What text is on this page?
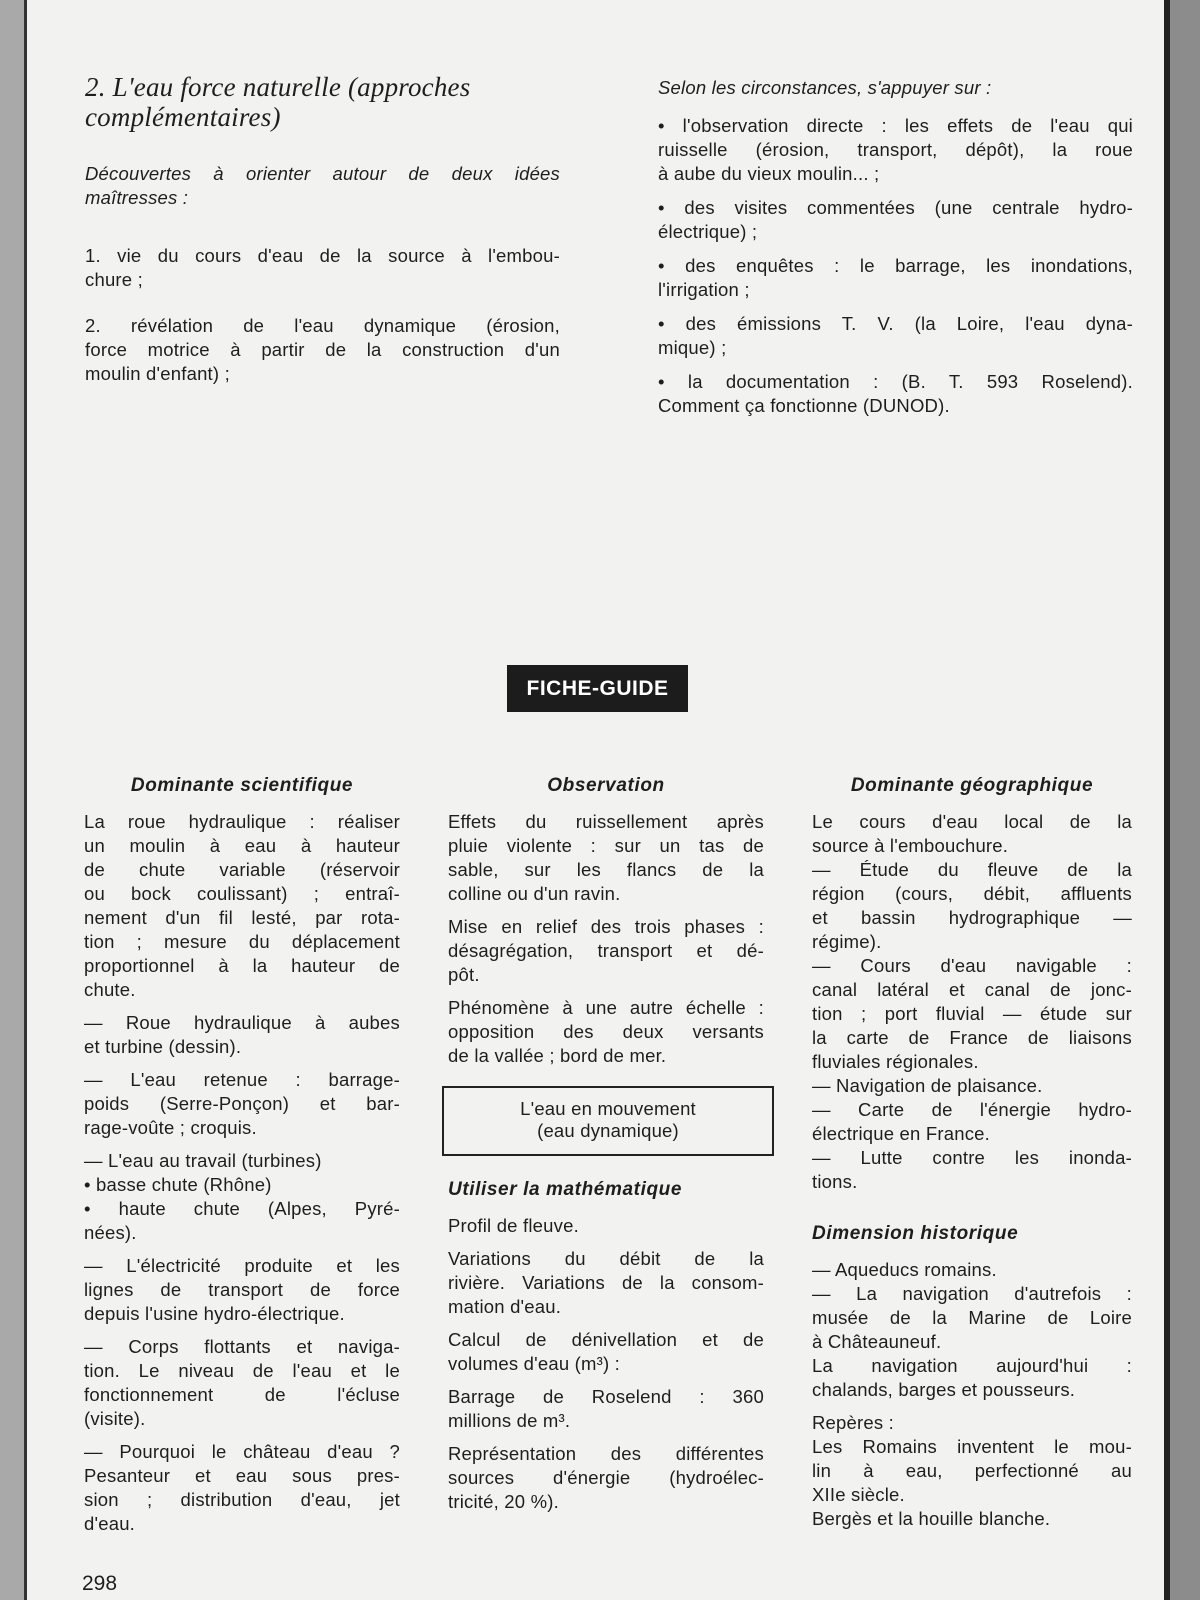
2. L'eau force naturelle (approches
complémentaires)
Découvertes à orienter autour de deux idées
maîtresses :
1. vie du cours d'eau de la source à l'embou-
chure ;
2. révélation de l'eau dynamique (érosion,
force motrice à partir de la construction d'un
moulin d'enfant) ;
Selon les circonstances, s'appuyer sur :
• l'observation directe : les effets de l'eau qui
ruisselle (érosion, transport, dépôt), la roue
à aube du vieux moulin... ;
• des visites commentées (une centrale hydro-
électrique) ;
• des enquêtes : le barrage, les inondations,
l'irrigation ;
• des émissions T. V. (la Loire, l'eau dyna-
mique) ;
• la documentation : (B. T. 593 Roselend).
Comment ça fonctionne (DUNOD).
FICHE-GUIDE
Dominante scientifique
La roue hydraulique : réaliser
un moulin à eau à hauteur
de chute variable (réservoir
ou bock coulissant) ; entraî-
nement d'un fil lesté, par rota-
tion ; mesure du déplacement
proportionnel à la hauteur de
chute.
— Roue hydraulique à aubes
et turbine (dessin).
— L'eau retenue : barrage-
poids (Serre-Ponçon) et bar-
rage-voûte ; croquis.
— L'eau au travail (turbines)
• basse chute (Rhône)
• haute chute (Alpes, Pyré-
nées).
— L'électricité produite et les
lignes de transport de force
depuis l'usine hydro-électrique.
— Corps flottants et naviga-
tion. Le niveau de l'eau et le
fonctionnement de l'écluse
(visite).
— Pourquoi le château d'eau ?
Pesanteur et eau sous pres-
sion ; distribution d'eau, jet
d'eau.
Observation
Effets du ruissellement après
pluie violente : sur un tas de
sable, sur les flancs de la
colline ou d'un ravin.
Mise en relief des trois phases :
désagrégation, transport et dé-
pôt.
Phénomène à une autre échelle :
opposition des deux versants
de la vallée ; bord de mer.
L'eau en mouvement
(eau dynamique)
Utiliser la mathématique
Profil de fleuve.
Variations du débit de la
rivière. Variations de la consom-
mation d'eau.
Calcul de dénivellation et de
volumes d'eau (m³) :
Barrage de Roselend : 360
millions de m³.
Représentation des différentes
sources d'énergie (hydroélec-
tricité, 20 %).
Dominante géographique
Le cours d'eau local de la
source à l'embouchure.
— Étude du fleuve de la
région (cours, débit, affluents
et bassin hydrographique —
régime).
— Cours d'eau navigable :
canal latéral et canal de jonc-
tion ; port fluvial — étude sur
la carte de France de liaisons
fluviales régionales.
— Navigation de plaisance.
— Carte de l'énergie hydro-
électrique en France.
— Lutte contre les inonda-
tions.
Dimension historique
— Aqueducs romains.
— La navigation d'autrefois :
musée de la Marine de Loire
à Châteauneuf.
La navigation aujourd'hui :
chalands, barges et pousseurs.
Repères :
Les Romains inventent le mou-
lin à eau, perfectionné au
XIIe siècle.
Bergès et la houille blanche.
298
